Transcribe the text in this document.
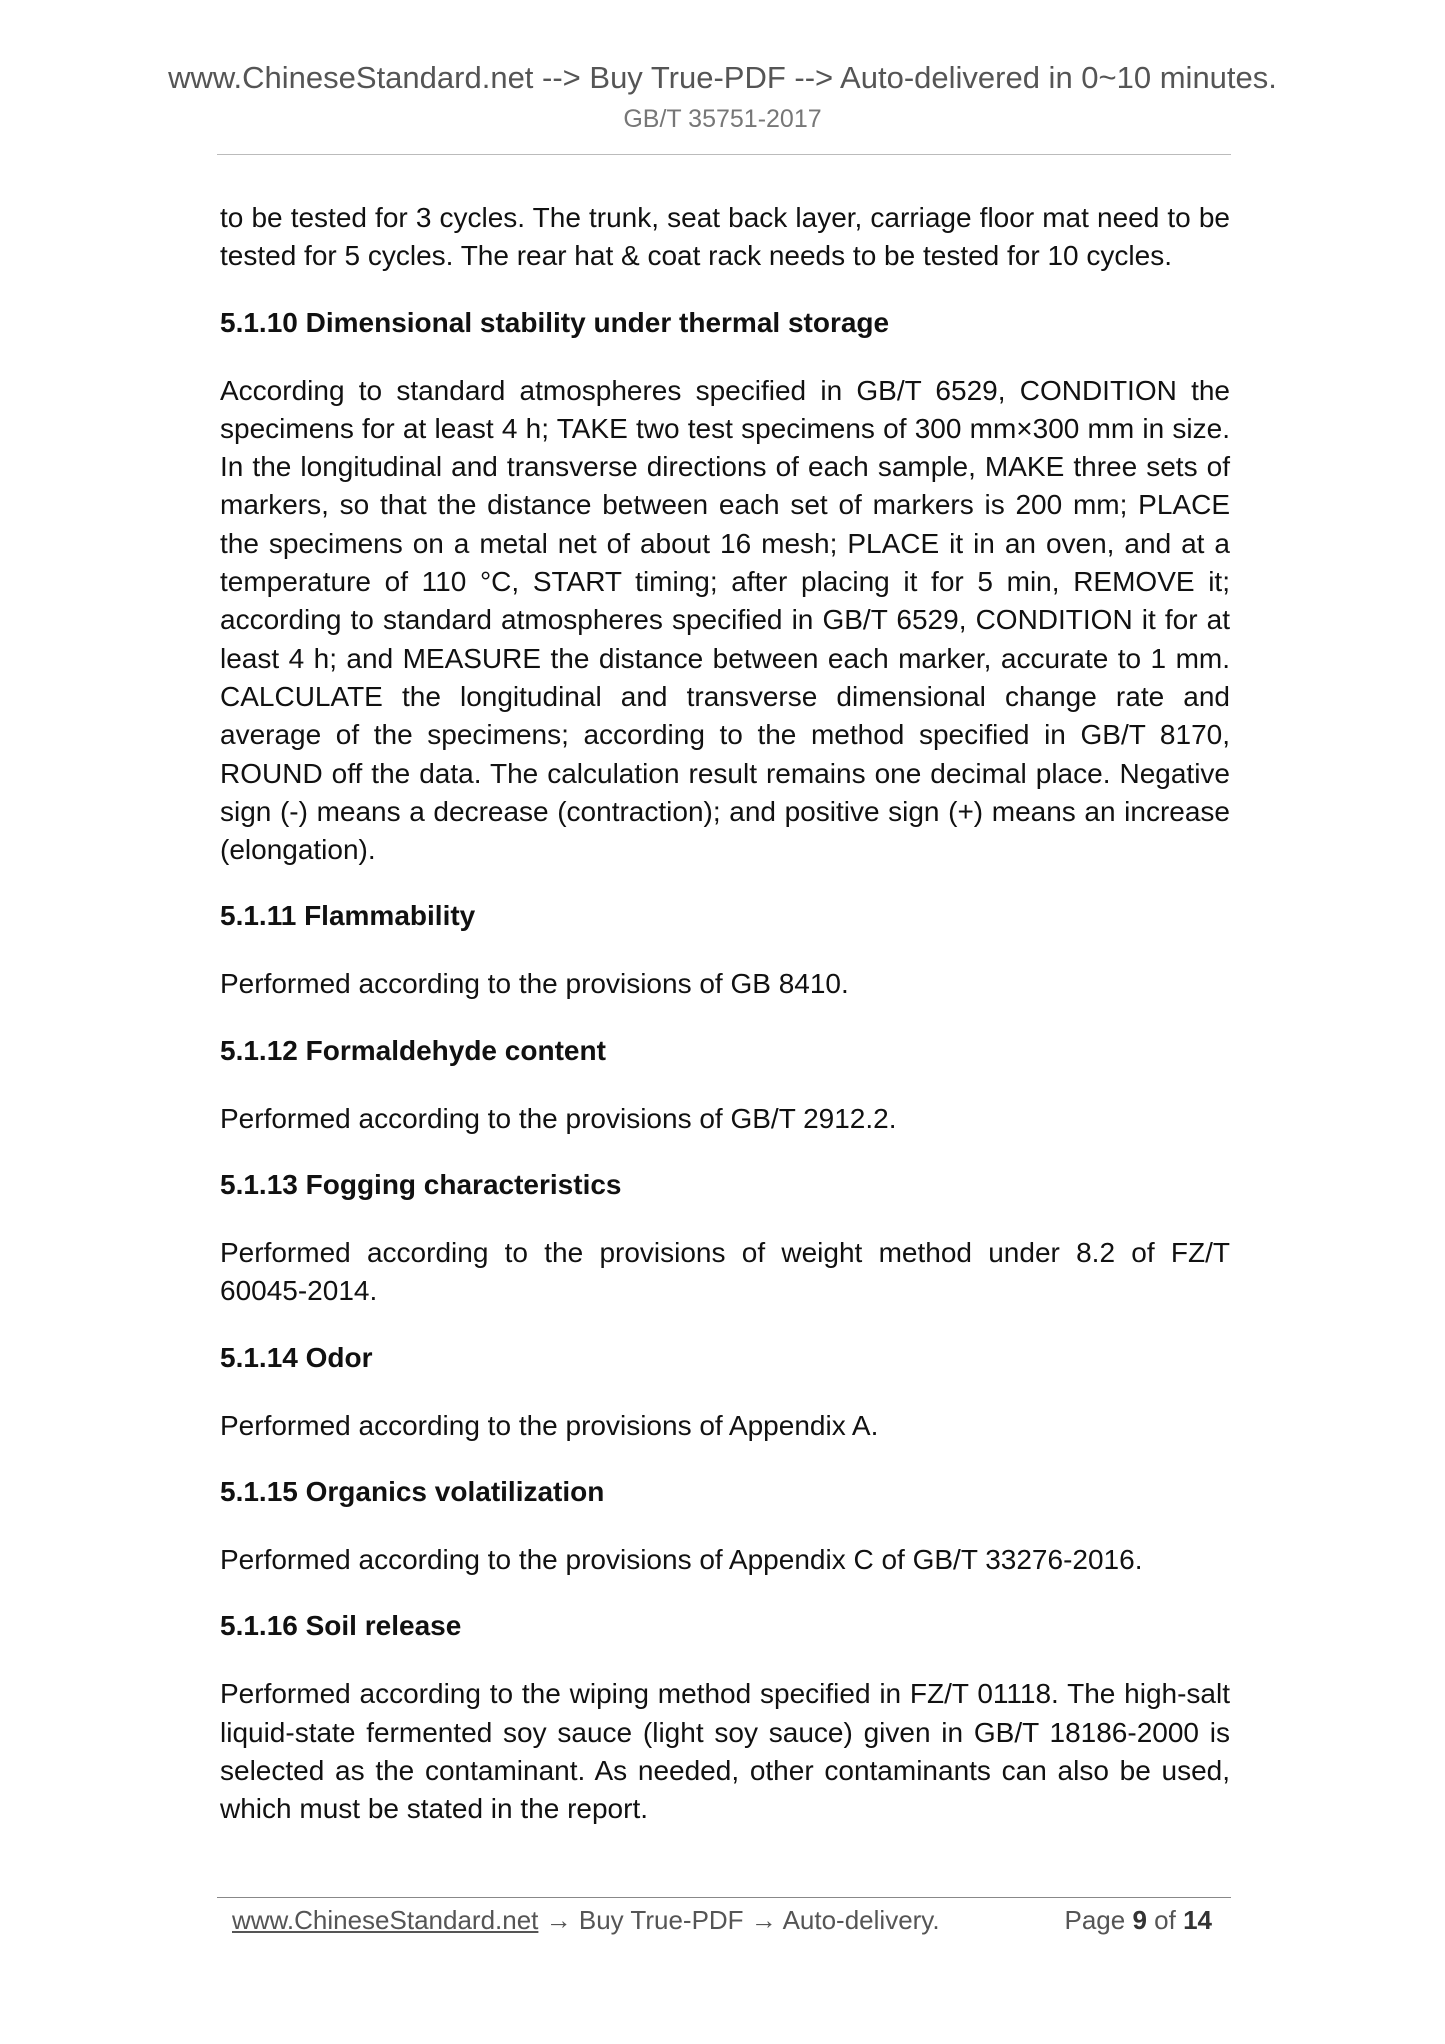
www.ChineseStandard.net --> Buy True-PDF --> Auto-delivered in 0~10 minutes.
GB/T 35751-2017

to be tested for 3 cycles. The trunk, seat back layer, carriage floor mat need to be tested for 5 cycles. The rear hat & coat rack needs to be tested for 10 cycles.

5.1.10 Dimensional stability under thermal storage

According to standard atmospheres specified in GB/T 6529, CONDITION the specimens for at least 4 h; TAKE two test specimens of 300 mm×300 mm in size. In the longitudinal and transverse directions of each sample, MAKE three sets of markers, so that the distance between each set of markers is 200 mm; PLACE the specimens on a metal net of about 16 mesh; PLACE it in an oven, and at a temperature of 110 °C, START timing; after placing it for 5 min, REMOVE it; according to standard atmospheres specified in GB/T 6529, CONDITION it for at least 4 h; and MEASURE the distance between each marker, accurate to 1 mm. CALCULATE the longitudinal and transverse dimensional change rate and average of the specimens; according to the method specified in GB/T 8170, ROUND off the data. The calculation result remains one decimal place. Negative sign (-) means a decrease (contraction); and positive sign (+) means an increase (elongation).

5.1.11 Flammability

Performed according to the provisions of GB 8410.

5.1.12 Formaldehyde content

Performed according to the provisions of GB/T 2912.2.

5.1.13 Fogging characteristics

Performed according to the provisions of weight method under 8.2 of FZ/T 60045-2014.

5.1.14 Odor

Performed according to the provisions of Appendix A.

5.1.15 Organics volatilization

Performed according to the provisions of Appendix C of GB/T 33276-2016.

5.1.16 Soil release

Performed according to the wiping method specified in FZ/T 01118. The high-salt liquid-state fermented soy sauce (light soy sauce) given in GB/T 18186-2000 is selected as the contaminant. As needed, other contaminants can also be used, which must be stated in the report.

www.ChineseStandard.net → Buy True-PDF → Auto-delivery.	Page 9 of 14
